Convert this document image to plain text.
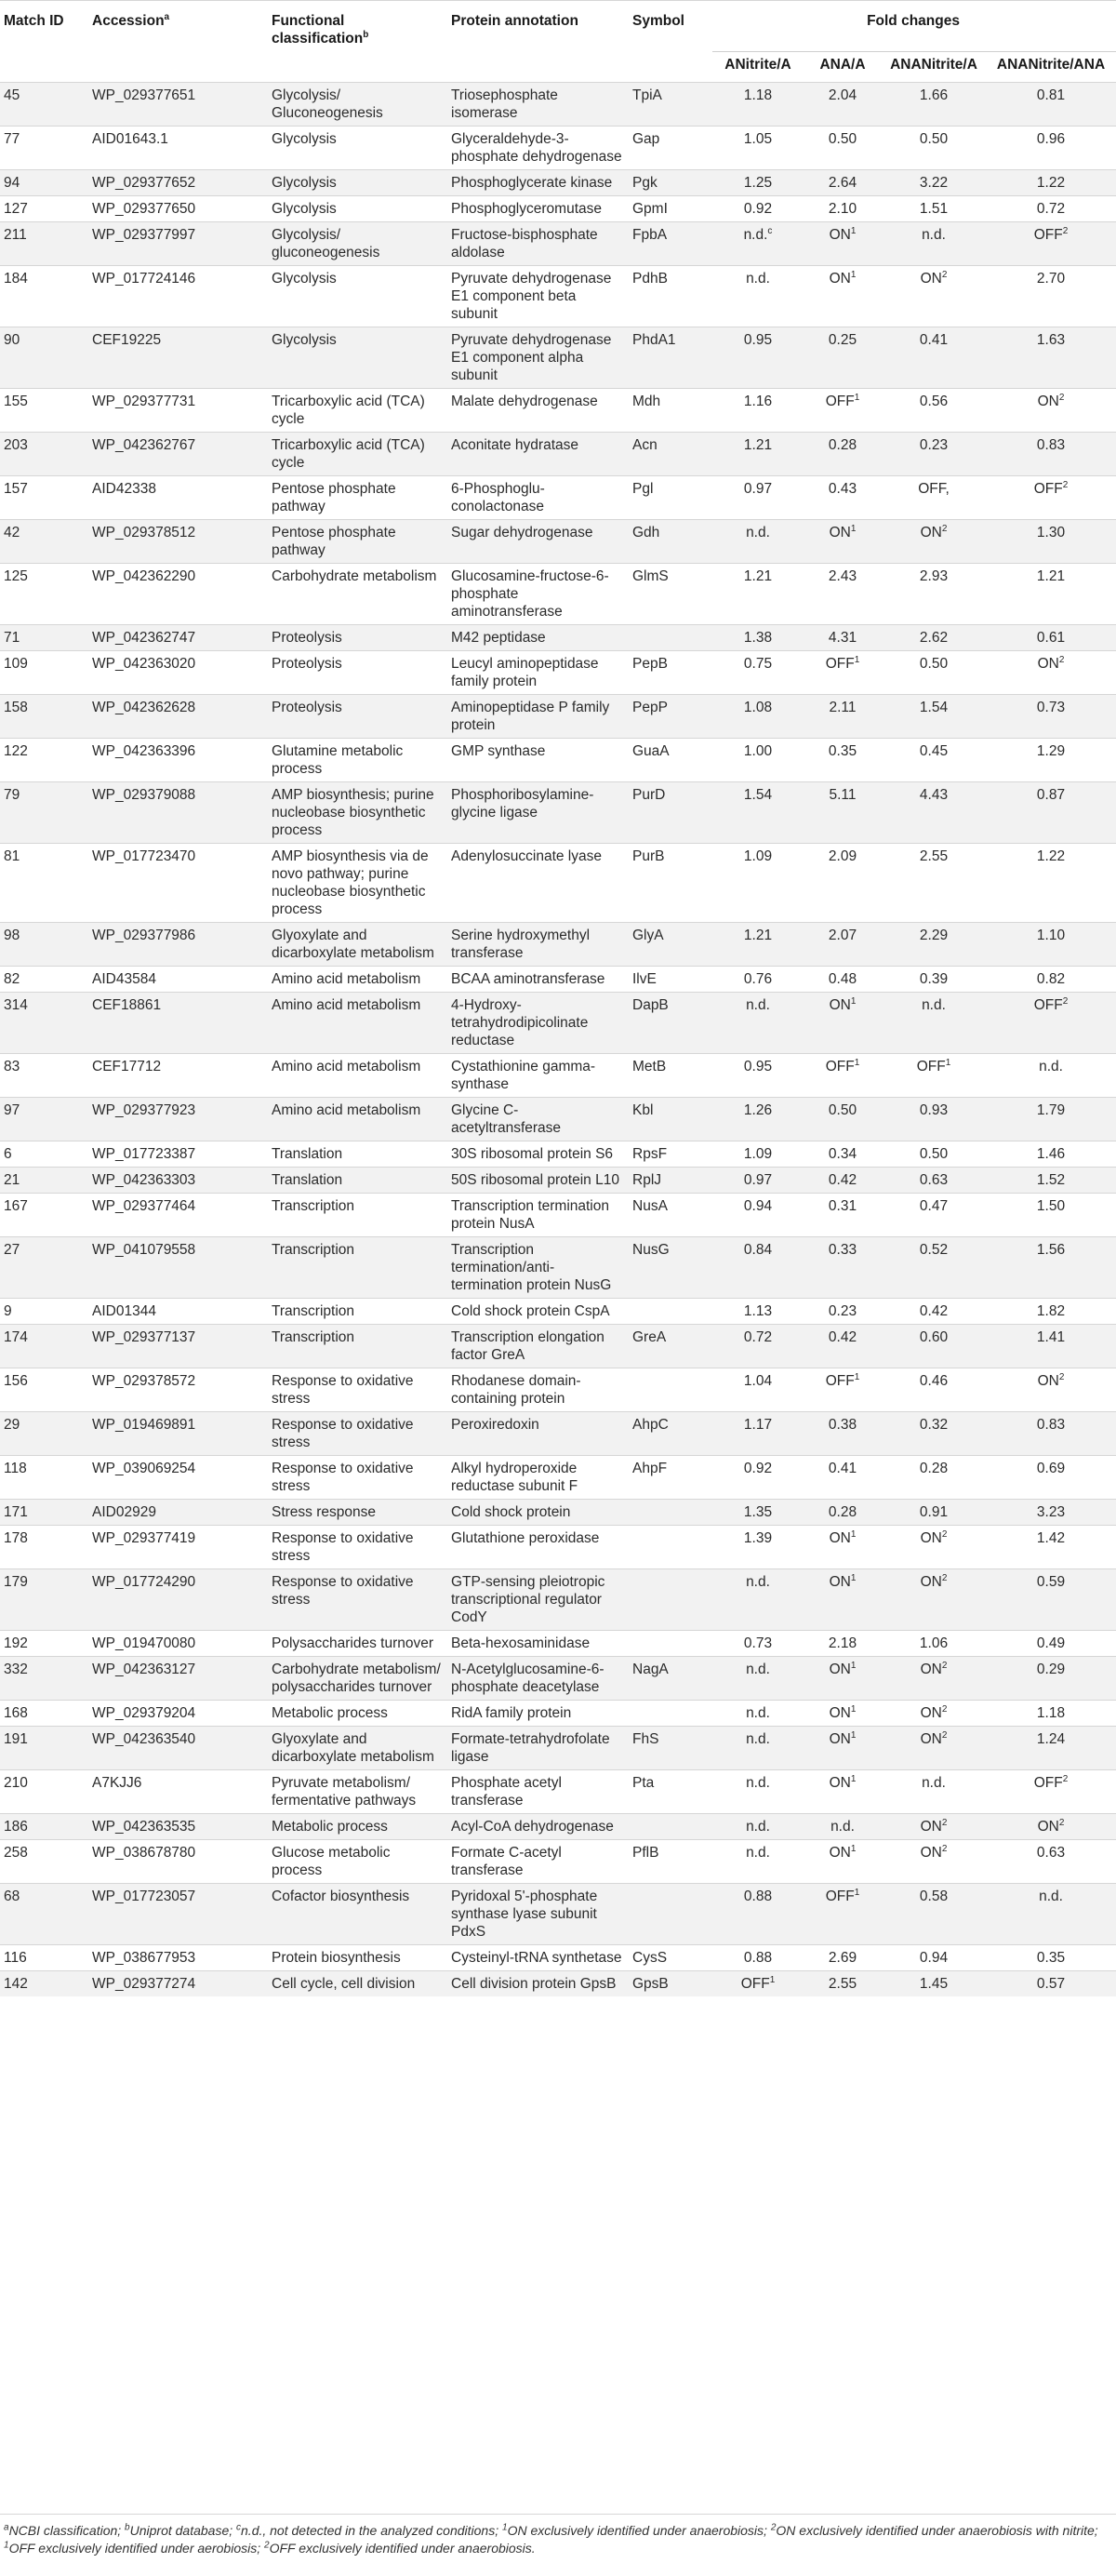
Match ID	Accession$^a$	Functional classification$^b$	Protein annotation	Symbol	Fold changes			
					ANitrite/A	ANA/A	ANANitrite/A	ANANitrite/ANA
45	WP_029377651	Glycolysis/ Gluconeogenesis	Triosephosphate isomerase	TpiA	1.18	2.04	1.66	0.81
77	AID01643.1	Glycolysis	Glyceraldehyde-3-phosphate dehydrogenase	Gap	1.05	0.50	0.50	0.96
94	WP_029377652	Glycolysis	Phosphoglycerate kinase	Pgk	1.25	2.64	3.22	1.22
127	WP_029377650	Glycolysis	Phosphoglyceromutase	GpmI	0.92	2.10	1.51	0.72
211	WP_029377997	Glycolysis/ gluconeogenesis	Fructose-bisphosphate aldolase	FpbA	n.d.$^c$	$ON^1$	n.d.	OFF$^2$
184	WP_017724146	Glycolysis	Pyruvate dehydrogenase E1 component beta subunit	PdhB	n.d.	$ON^1$	$ON^2$	2.70
90	CEF19225	Glycolysis	Pyruvate dehydrogenase E1 component alpha subunit	PhdA1	0.95	0.25	0.41	1.63
155	WP_029377731	Tricarboxylic acid (TCA) cycle	Malate dehydrogenase	Mdh	1.16	OFF$^1$	0.56	$ON^2$
203	WP_042362767	Tricarboxylic acid (TCA) cycle	Aconitate hydratase	Acn	1.21	0.28	0.23	0.83
157	AID42338	Pentose phosphate pathway	6-Phosphoglu-conolactonase	Pgl	0.97	0.43	OFF,	OFF$^2$
42	WP_029378512	Pentose phosphate pathway	Sugar dehydrogenase	Gdh	n.d.	$ON^1$	$ON^2$	1.30
125	WP_042362290	Carbohydrate metabolism	Glucosamine-fructose-6-phosphate aminotransferase	GlmS	1.21	2.43	2.93	1.21
71	WP_042362747	Proteolysis	M42 peptidase		1.38	4.31	2.62	0.61
109	WP_042363020	Proteolysis	Leucyl aminopeptidase family protein	PepB	0.75	OFF$^1$	0.50	$ON^2$
158	WP_042362628	Proteolysis	Aminopeptidase P family protein	PepP	1.08	2.11	1.54	0.73
122	WP_042363396	Glutamine metabolic process	GMP synthase	GuaA	1.00	0.35	0.45	1.29
79	WP_029379088	AMP biosynthesis; purine nucleobase biosynthetic process	Phosphoribosylamine-glycine ligase	PurD	1.54	5.11	4.43	0.87
81	WP_017723470	AMP biosynthesis via de novo pathway; purine nucleobase biosynthetic process	Adenylosuccinate lyase	PurB	1.09	2.09	2.55	1.22
98	WP_029377986	Glyoxylate and dicarboxylate metabolism	Serine hydroxymethyl transferase	GlyA	1.21	2.07	2.29	1.10
82	AID43584	Amino acid metabolism	BCAA aminotransferase	IlvE	0.76	0.48	0.39	0.82
314	CEF18861	Amino acid metabolism	4-Hydroxy-tetrahydrodipicolinate reductase	DapB	n.d.	$ON^1$	n.d.	OFF$^2$
83	CEF17712	Amino acid metabolism	Cystathionine gamma-synthase	MetB	0.95	OFF$^1$	OFF$^1$	n.d.
97	WP_029377923	Amino acid metabolism	Glycine C-acetyltransferase	Kbl	1.26	0.50	0.93	1.79
6	WP_017723387	Translation	30S ribosomal protein S6	RpsF	1.09	0.34	0.50	1.46
21	WP_042363303	Translation	50S ribosomal protein L10	RplJ	0.97	0.42	0.63	1.52
167	WP_029377464	Transcription	Transcription termination protein NusA	NusA	0.94	0.31	0.47	1.50
27	WP_041079558	Transcription	Transcription termination/anti-termination protein NusG	NusG	0.84	0.33	0.52	1.56
9	AID01344	Transcription	Cold shock protein CspA		1.13	0.23	0.42	1.82
174	WP_029377137	Transcription	Transcription elongation factor GreA	GreA	0.72	0.42	0.60	1.41
156	WP_029378572	Response to oxidative stress	Rhodanese domain-containing protein		1.04	OFF$^1$	0.46	$ON^2$
29	WP_019469891	Response to oxidative stress	Peroxiredoxin	AhpC	1.17	0.38	0.32	0.83
118	WP_039069254	Response to oxidative stress	Alkyl hydroperoxide reductase subunit F	AhpF	0.92	0.41	0.28	0.69
171	AID02929	Stress response	Cold shock protein		1.35	0.28	0.91	3.23
178	WP_029377419	Response to oxidative stress	Glutathione peroxidase		1.39	$ON^1$	$ON^2$	1.42
179	WP_017724290	Response to oxidative stress	GTP-sensing pleiotropic transcriptional regulator CodY		n.d.	$ON^1$	$ON^2$	0.59
192	WP_019470080	Polysaccharides turnover	Beta-hexosaminidase		0.73	2.18	1.06	0.49
332	WP_042363127	Carbohydrate metabolism/ polysaccharides turnover	N-Acetylglucosamine-6-phosphate deacetylase	NagA	n.d.	$ON^1$	$ON^2$	0.29
168	WP_029379204	Metabolic process	RidA family protein		n.d.	$ON^1$	$ON^2$	1.18
191	WP_042363540	Glyoxylate and dicarboxylate metabolism	Formate-tetrahydrofolate ligase	FhS	n.d.	$ON^1$	$ON^2$	1.24
210	A7KJJ6	Pyruvate metabolism/ fermentative pathways	Phosphate acetyl transferase	Pta	n.d.	$ON^1$	n.d.	OFF$^2$
186	WP_042363535	Metabolic process	Acyl-CoA dehydrogenase		n.d.	n.d.	$ON^2$	$ON^2$
258	WP_038678780	Glucose metabolic process	Formate C-acetyl transferase	PflB	n.d.	$ON^1$	$ON^2$	0.63
68	WP_017723057	Cofactor biosynthesis	Pyridoxal 5'-phosphate synthase lyase subunit PdxS		0.88	OFF$^1$	0.58	n.d.
116	WP_038677953	Protein biosynthesis	Cysteinyl-tRNA synthetase	CysS	0.88	2.69	0.94	0.35
142	WP_029377274	Cell cycle, cell division	Cell division protein GpsB	GpsB	OFF$^1$	2.55	1.45	0.57
$^a$NCBI classification; $^b$Uniprot database; $^c$n.d., not detected in the analyzed conditions; $^1$ON exclusively identified under anaerobiosis; $^2$ON exclusively identified under anaerobiosis with nitrite; $^1$OFF exclusively identified under aerobiosis; $^2$OFF exclusively identified under anaerobiosis.
